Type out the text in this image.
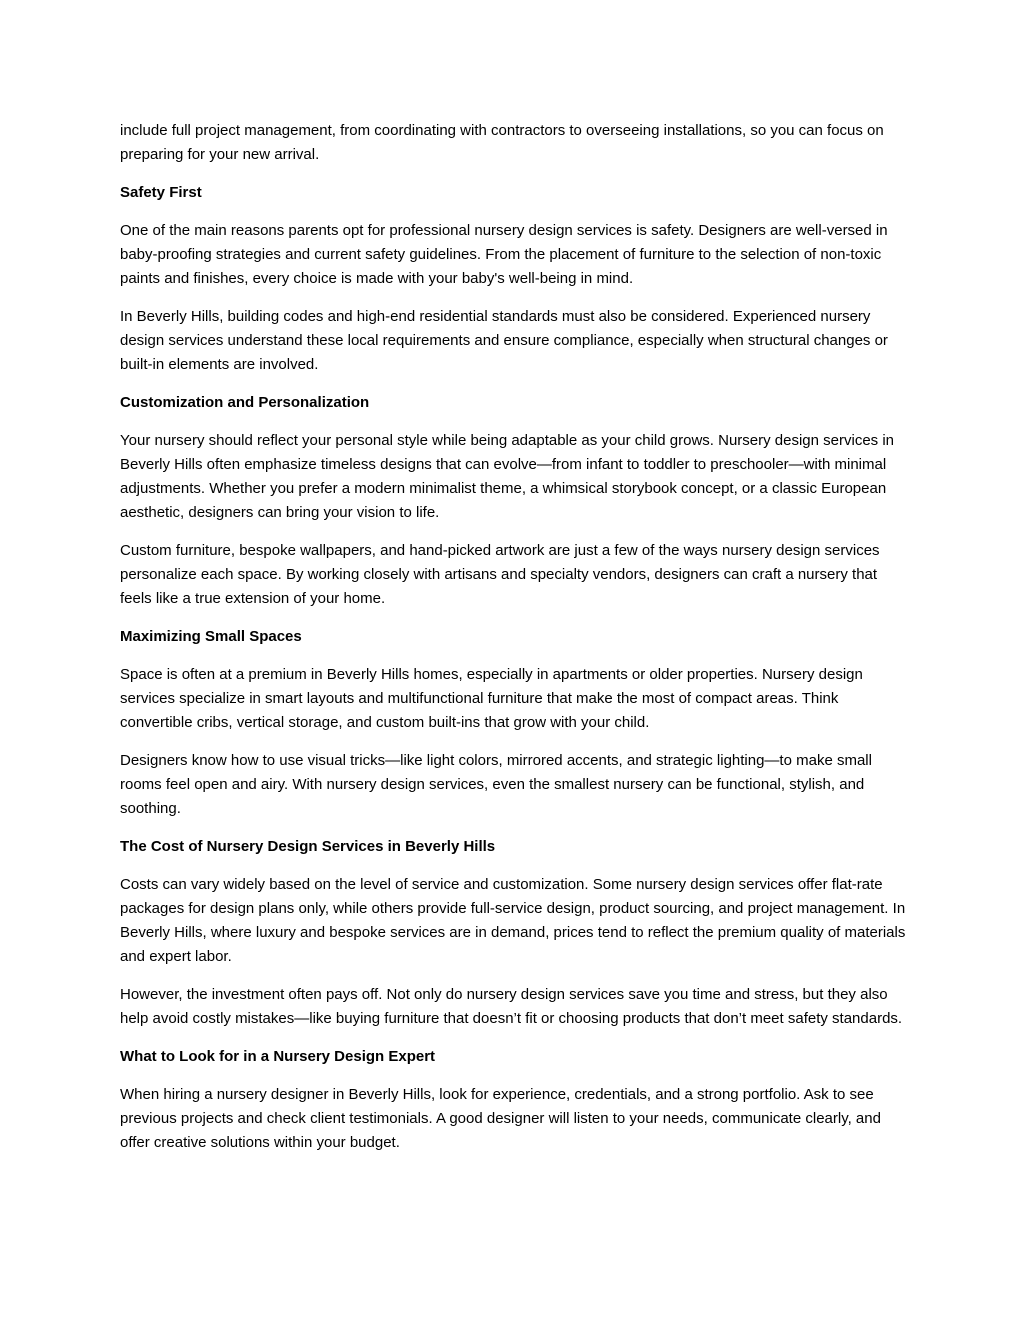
include full project management, from coordinating with contractors to overseeing installations, so you can focus on preparing for your new arrival.

Safety First

One of the main reasons parents opt for professional nursery design services is safety. Designers are well-versed in baby-proofing strategies and current safety guidelines. From the placement of furniture to the selection of non-toxic paints and finishes, every choice is made with your baby's well-being in mind.

In Beverly Hills, building codes and high-end residential standards must also be considered. Experienced nursery design services understand these local requirements and ensure compliance, especially when structural changes or built-in elements are involved.

Customization and Personalization

Your nursery should reflect your personal style while being adaptable as your child grows. Nursery design services in Beverly Hills often emphasize timeless designs that can evolve—from infant to toddler to preschooler—with minimal adjustments. Whether you prefer a modern minimalist theme, a whimsical storybook concept, or a classic European aesthetic, designers can bring your vision to life.

Custom furniture, bespoke wallpapers, and hand-picked artwork are just a few of the ways nursery design services personalize each space. By working closely with artisans and specialty vendors, designers can craft a nursery that feels like a true extension of your home.

Maximizing Small Spaces

Space is often at a premium in Beverly Hills homes, especially in apartments or older properties. Nursery design services specialize in smart layouts and multifunctional furniture that make the most of compact areas. Think convertible cribs, vertical storage, and custom built-ins that grow with your child.

Designers know how to use visual tricks—like light colors, mirrored accents, and strategic lighting—to make small rooms feel open and airy. With nursery design services, even the smallest nursery can be functional, stylish, and soothing.

The Cost of Nursery Design Services in Beverly Hills

Costs can vary widely based on the level of service and customization. Some nursery design services offer flat-rate packages for design plans only, while others provide full-service design, product sourcing, and project management. In Beverly Hills, where luxury and bespoke services are in demand, prices tend to reflect the premium quality of materials and expert labor.

However, the investment often pays off. Not only do nursery design services save you time and stress, but they also help avoid costly mistakes—like buying furniture that doesn’t fit or choosing products that don’t meet safety standards.

What to Look for in a Nursery Design Expert

When hiring a nursery designer in Beverly Hills, look for experience, credentials, and a strong portfolio. Ask to see previous projects and check client testimonials. A good designer will listen to your needs, communicate clearly, and offer creative solutions within your budget.
